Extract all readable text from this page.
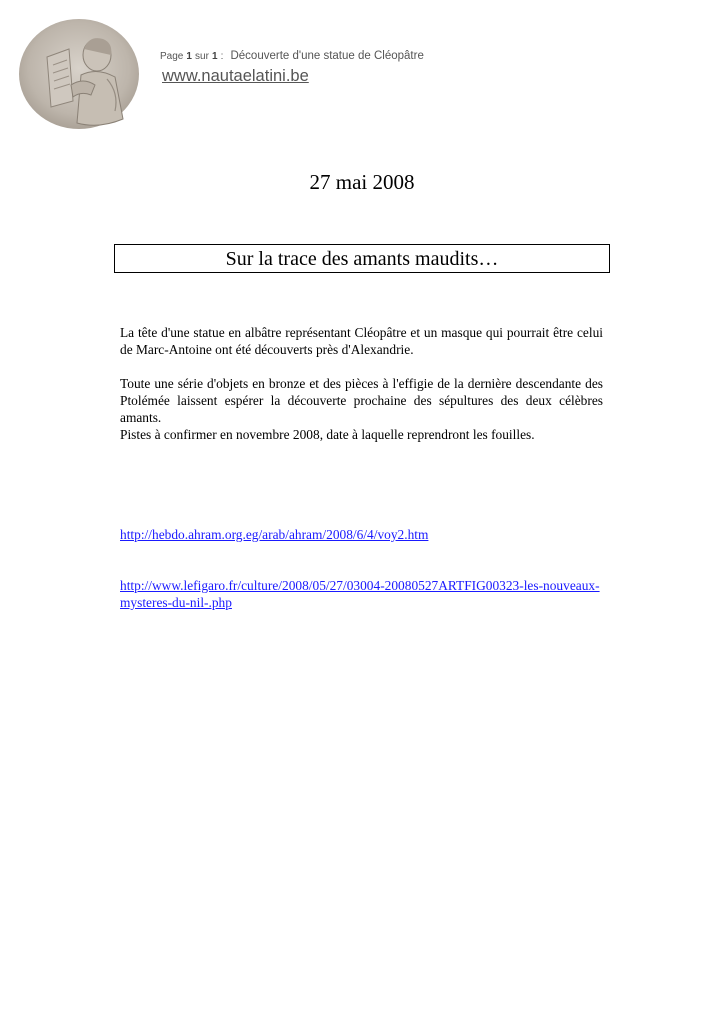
Page 1 sur 1 : Découverte d'une statue de Cléopâtre
www.nautaelatini.be
27 mai 2008
Sur la trace des amants maudits…

La tête d'une statue en albâtre représentant Cléopâtre et un masque qui pourrait être celui de Marc-Antoine ont été découverts près d'Alexandrie.

Toute une série d'objets en bronze et des pièces à l'effigie de la dernière descendante des Ptolémée laissent espérer la découverte prochaine des sépultures des deux célèbres amants.

Pistes à confirmer en novembre 2008, date à laquelle reprendront les fouilles.

http://hebdo.ahram.org.eg/arab/ahram/2008/6/4/voy2.htm
http://www.lefigaro.fr/culture/2008/05/27/03004-20080527ARTFIG00323-les-nouveaux-mysteres-du-nil-.php
